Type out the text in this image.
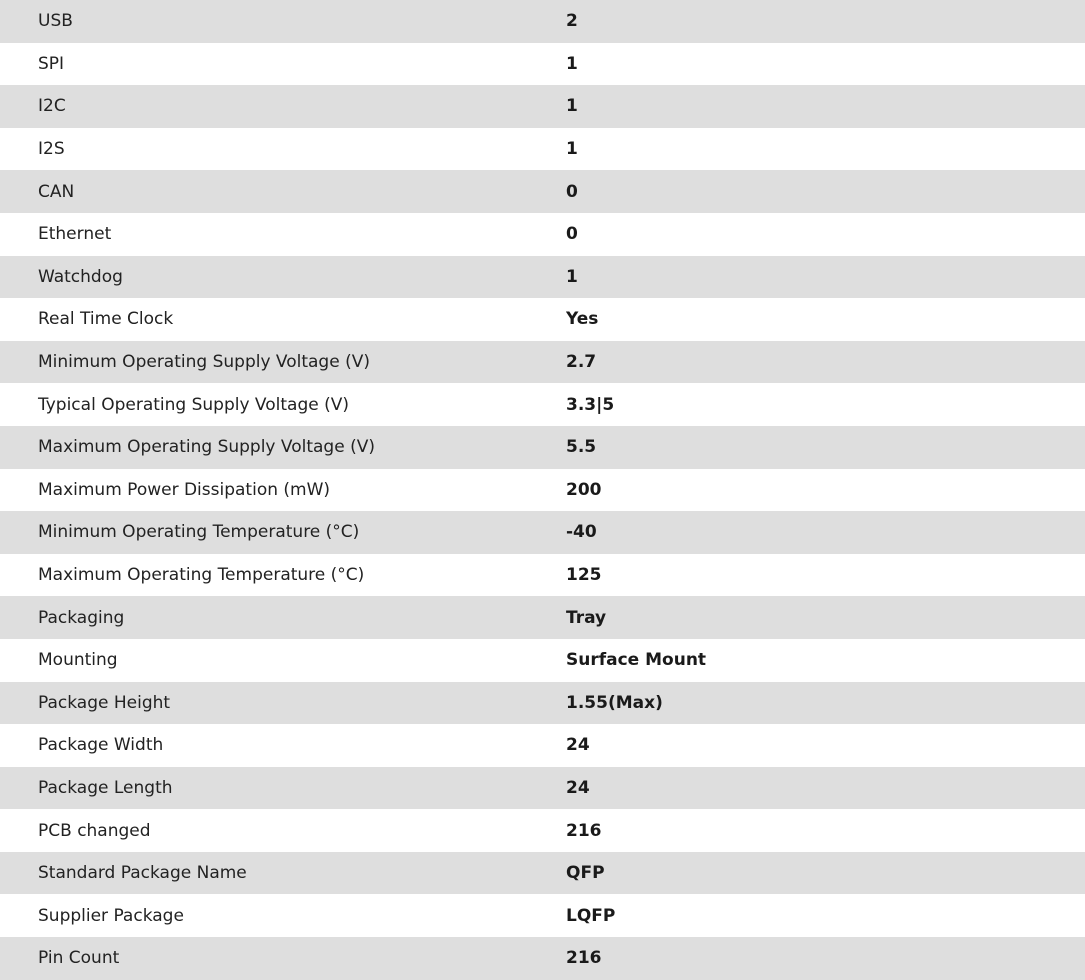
USB	2
SPI	1
I2C	1
I2S	1
CAN	0
Ethernet	0
Watchdog	1
Real Time Clock	Yes
Minimum Operating Supply Voltage (V)	2.7
Typical Operating Supply Voltage (V)	3.3|5
Maximum Operating Supply Voltage (V)	5.5
Maximum Power Dissipation (mW)	200
Minimum Operating Temperature (°C)	-40
Maximum Operating Temperature (°C)	125
Packaging	Tray
Mounting	Surface Mount
Package Height	1.55(Max)
Package Width	24
Package Length	24
PCB changed	216
Standard Package Name	QFP
Supplier Package	LQFP
Pin Count	216
